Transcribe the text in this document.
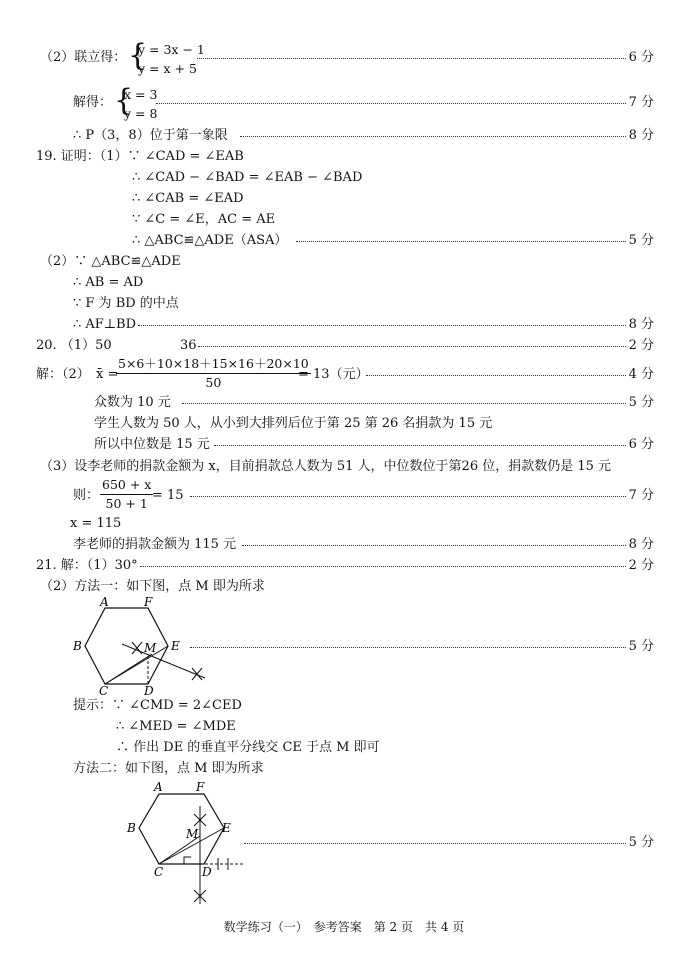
（2）联立得：	6 分
{
y = 3x − 1
y = x + 5
解得：	7 分
{
x = 3
y = 8
∴ P（3，8）位于第一象限	8 分
19. 证明：（1）∵ ∠CAD = ∠EAB
∴ ∠CAD − ∠BAD = ∠EAB − ∠BAD
∴ ∠CAB = ∠EAD
∵ ∠C = ∠E，AC = AE
∴ △ABC≌△ADE（ASA）	5 分
（2）∵ △ABC≌△ADE
∴ AB = AD
∵ F 为 BD 的中点
∴ AF⊥BD	8 分
20. （1）50	36	2 分
解：（2） x̄ =	= 13（元）	4 分
$\frac{5\times 6+10\times 18+15\times 16+20\times 10}{50}$
众数为 10 元	5 分
学生人数为 50 人，从小到大排列后位于第 25 第 26 名捐款为 15 元
所以中位数是 15 元	6 分
（3）设李老师的捐款金额为 x，目前捐款总人数为 51 人，中位数位于第26 位，捐款数仍是 15 元
则：	= 15	7 分
$\frac{650 + x}{50 + 1}$
x = 115
李老师的捐款金额为 115 元	8 分
21. 解：（1）30°	2 分
（2）方法一：如下图，点 M 即为所求
A	F
B	M E
C	D
5 分
提示：∵ ∠CMD = 2∠CED
∴ ∠MED = ∠MDE
∴ 作出 DE 的垂直平分线交 CE 于点 M 即可
方法二：如下图，点 M 即为所求
A	F
B	M E
C	D
5 分
数学练习（一）　参考答案　第 2 页　共 4 页
